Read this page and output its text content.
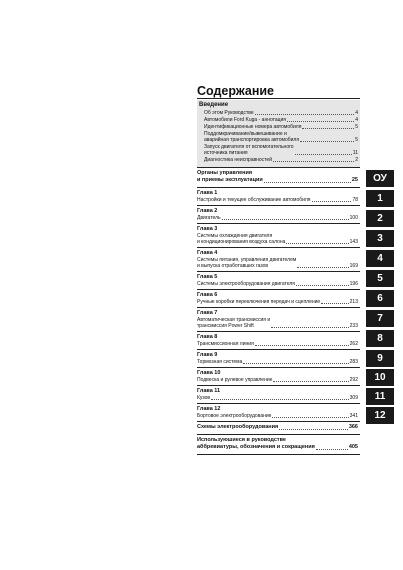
Содержание
Введение
Об этом Руководстве	4
Автомобили Ford Kuga - аннотация	4
Идентификационные номера автомобиля	5
Поддомкрачивание/вывешивание и
аварийная транспортировка автомобиля	5
Запуск двигателя от вспомогательного
источника питания	11
Диагностика неисправностей	2
Органы управления
и приемы эксплуатации	25
Глава 1
Настройки и текущее обслуживание автомобиля	78
Глава 2
Двигатель	100
Глава 3
Системы охлаждения двигателя
и кондиционирования воздуха салона	143
Глава 4
Системы питания, управления двигателем
и выпуска отработавших газов	169
Глава 5
Системы электрооборудования двигателя	196
Глава 6
Ручные коробки переключения передач и сцепление	213
Глава 7
Автоматическая трансмиссия и
трансмиссия Power Shift	233
Глава 8
Трансмиссионная линия	262
Глава 9
Тормозная система	283
Глава 10
Подвеска и рулевое управление	292
Глава 11
Кузов	309
Глава 12
Бортовое электрооборудование	341
Схемы электрооборудования	366
Используюшиеся в руководстве
аббревиатуры, обозначения и сокращения	405
ОУ
1
2
3
4
5
6
7
8
9
10
11
12
